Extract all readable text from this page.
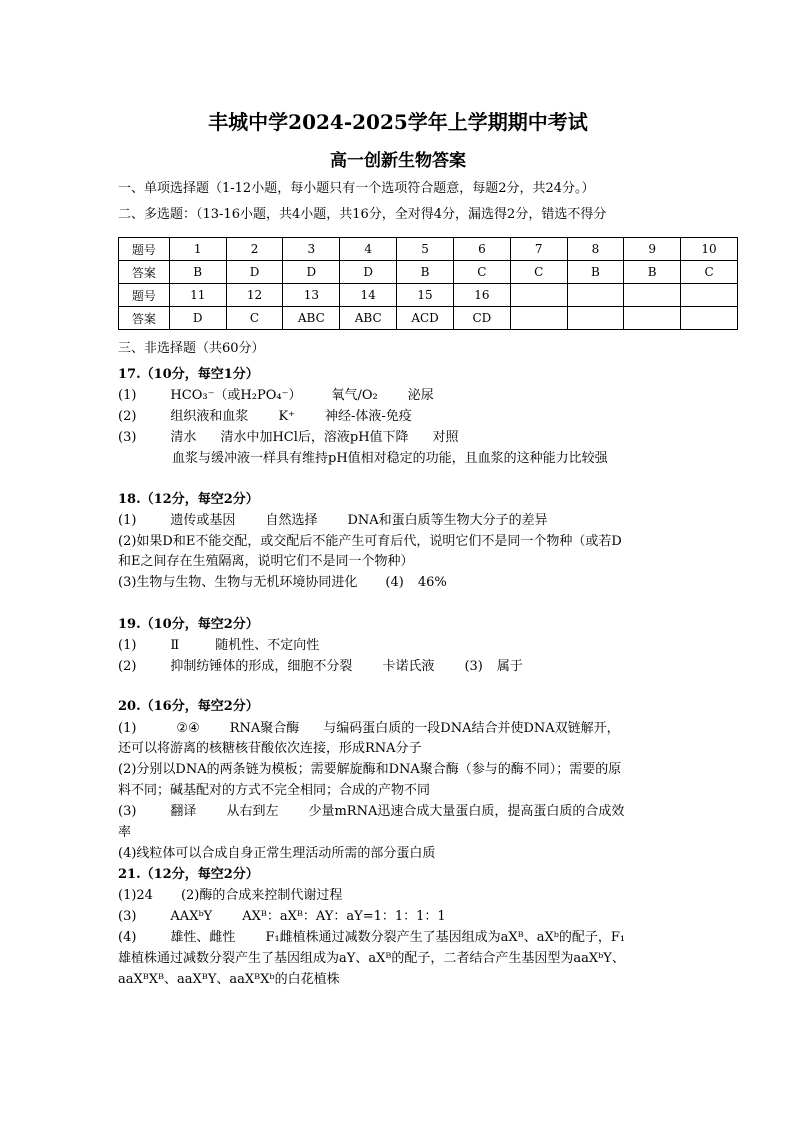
丰城中学2024-2025学年上学期期中考试
高一创新生物答案
一、单项选择题（1-12小题，每小题只有一个选项符合题意，每题2分，共24分。）
二、多选题：（13-16小题，共4小题，共16分，全对得4分，漏选得2分，错选不得分
题号	1	2	3	4	5	6	7	8	9	10
答案	B	D	D	D	B	C	C	B	B	C
题号	11	12	13	14	15	16				
答案	D	C	ABC	ABC	ACD	CD				
三、非选择题（共60分）
17.（10分，每空1分）
(1)	HCO₃⁻（或H₂PO₄⁻） 氧气/O₂ 泌尿
(2)	组织液和血浆 K⁺ 神经-体液-免疫
(3)	清水 清水中加HCl后，溶液pH值下降 对照
血浆与缓冲液一样具有维持pH值相对稳定的功能，且血浆的这种能力比较强
18.（12分，每空2分）
(1)	遗传或基因 自然选择 DNA和蛋白质等生物大分子的差异
(2)如果D和E不能交配，或交配后不能产生可育后代，说明它们不是同一个物种（或若D
和E之间存在生殖隔离，说明它们不是同一个物种）
(3)生物与生物、生物与无机环境协同进化 (4) 46%
19.（10分，每空2分）
(1)	Ⅱ	随机性、不定向性
(2)	抑制纺锤体的形成，细胞不分裂 卡诺氏液 (3) 属于
20.（16分，每空2分）
(1)	②④ RNA聚合酶 与编码蛋白质的一段DNA结合并使DNA双链解开，
还可以将游离的核糖核苷酸依次连接，形成RNA分子
(2)分别以DNA的两条链为模板；需要解旋酶和DNA聚合酶（参与的酶不同）；需要的原
料不同；碱基配对的方式不完全相同；合成的产物不同
(3)	翻译 从右到左 少量mRNA迅速合成大量蛋白质，提高蛋白质的合成效
率
(4)线粒体可以合成自身正常生理活动所需的部分蛋白质
21.（12分，每空2分）
(1)24 (2)酶的合成来控制代谢过程
(3)	AAXᵇY AXᴮ：aXᴮ：AY：aY=1：1：1：1
(4)	雄性、雌性 F₁雌植株通过减数分裂产生了基因组成为aXᴮ、aXᵇ的配子，F₁
雄植株通过减数分裂产生了基因组成为aY、aXᴮ的配子，二者结合产生基因型为aaXᵇY、
aaXᴮXᴮ、aaXᴮY、aaXᴮXᵇ的白花植株
